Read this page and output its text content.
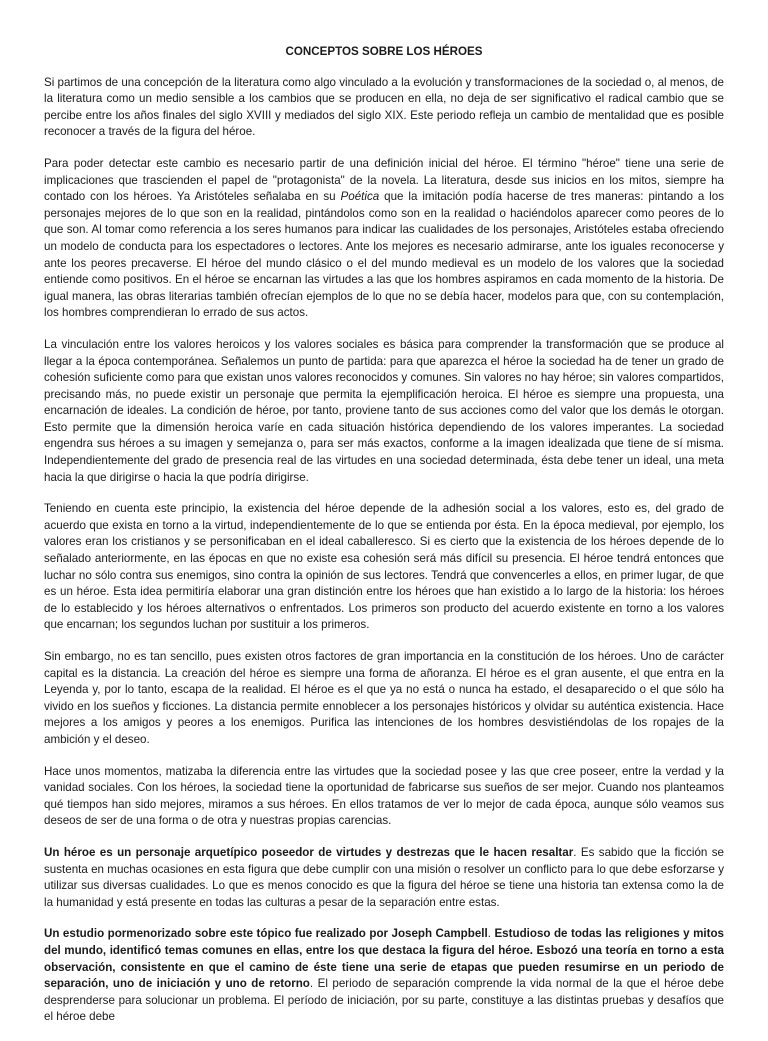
CONCEPTOS SOBRE LOS HÉROES

Si partimos de una concepción de la literatura como algo vinculado a la evolución y transformaciones de la sociedad o, al menos, de la literatura como un medio sensible a los cambios que se producen en ella, no deja de ser significativo el radical cambio que se percibe entre los años finales del siglo XVIII y mediados del siglo XIX. Este periodo refleja un cambio de mentalidad que es posible reconocer a través de la figura del héroe.

Para poder detectar este cambio es necesario partir de una definición inicial del héroe. El término "héroe" tiene una serie de implicaciones que trascienden el papel de "protagonista" de la novela. La literatura, desde sus inicios en los mitos, siempre ha contado con los héroes. Ya Aristóteles señalaba en su Poética que la imitación podía hacerse de tres maneras: pintando a los personajes mejores de lo que son en la realidad, pintándolos como son en la realidad o haciéndolos aparecer como peores de lo que son. Al tomar como referencia a los seres humanos para indicar las cualidades de los personajes, Aristóteles estaba ofreciendo un modelo de conducta para los espectadores o lectores. Ante los mejores es necesario admirarse, ante los iguales reconocerse y ante los peores precaverse. El héroe del mundo clásico o el del mundo medieval es un modelo de los valores que la sociedad entiende como positivos. En el héroe se encarnan las virtudes a las que los hombres aspiramos en cada momento de la historia. De igual manera, las obras literarias también ofrecían ejemplos de lo que no se debía hacer, modelos para que, con su contemplación, los hombres comprendieran lo errado de sus actos.

La vinculación entre los valores heroicos y los valores sociales es básica para comprender la transformación que se produce al llegar a la época contemporánea. Señalemos un punto de partida: para que aparezca el héroe la sociedad ha de tener un grado de cohesión suficiente como para que existan unos valores reconocidos y comunes. Sin valores no hay héroe; sin valores compartidos, precisando más, no puede existir un personaje que permita la ejemplificación heroica. El héroe es siempre una propuesta, una encarnación de ideales. La condición de héroe, por tanto, proviene tanto de sus acciones como del valor que los demás le otorgan. Esto permite que la dimensión heroica varíe en cada situación histórica dependiendo de los valores imperantes. La sociedad engendra sus héroes a su imagen y semejanza o, para ser más exactos, conforme a la imagen idealizada que tiene de sí misma. Independientemente del grado de presencia real de las virtudes en una sociedad determinada, ésta debe tener un ideal, una meta hacia la que dirigirse o hacia la que podría dirigirse.

Teniendo en cuenta este principio, la existencia del héroe depende de la adhesión social a los valores, esto es, del grado de acuerdo que exista en torno a la virtud, independientemente de lo que se entienda por ésta. En la época medieval, por ejemplo, los valores eran los cristianos y se personificaban en el ideal caballeresco. Si es cierto que la existencia de los héroes depende de lo señalado anteriormente, en las épocas en que no existe esa cohesión será más difícil su presencia. El héroe tendrá entonces que luchar no sólo contra sus enemigos, sino contra la opinión de sus lectores. Tendrá que convencerles a ellos, en primer lugar, de que es un héroe. Esta idea permitiría elaborar una gran distinción entre los héroes que han existido a lo largo de la historia: los héroes de lo establecido y los héroes alternativos o enfrentados. Los primeros son producto del acuerdo existente en torno a los valores que encarnan; los segundos luchan por sustituir a los primeros.

Sin embargo, no es tan sencillo, pues existen otros factores de gran importancia en la constitución de los héroes. Uno de carácter capital es la distancia. La creación del héroe es siempre una forma de añoranza. El héroe es el gran ausente, el que entra en la Leyenda y, por lo tanto, escapa de la realidad. El héroe es el que ya no está o nunca ha estado, el desaparecido o el que sólo ha vivido en los sueños y ficciones. La distancia permite ennoblecer a los personajes históricos y olvidar su auténtica existencia. Hace mejores a los amigos y peores a los enemigos. Purifica las intenciones de los hombres desvistiéndolas de los ropajes de la ambición y el deseo.

Hace unos momentos, matizaba la diferencia entre las virtudes que la sociedad posee y las que cree poseer, entre la verdad y la vanidad sociales. Con los héroes, la sociedad tiene la oportunidad de fabricarse sus sueños de ser mejor. Cuando nos planteamos qué tiempos han sido mejores, miramos a sus héroes. En ellos tratamos de ver lo mejor de cada época, aunque sólo veamos sus deseos de ser de una forma o de otra y nuestras propias carencias.

Un héroe es un personaje arquetípico poseedor de virtudes y destrezas que le hacen resaltar. Es sabido que la ficción se sustenta en muchas ocasiones en esta figura que debe cumplir con una misión o resolver un conflicto para lo que debe esforzarse y utilizar sus diversas cualidades. Lo que es menos conocido es que la figura del héroe se tiene una historia tan extensa como la de la humanidad y está presente en todas las culturas a pesar de la separación entre estas.

Un estudio pormenorizado sobre este tópico fue realizado por Joseph Campbell. Estudioso de todas las religiones y mitos del mundo, identificó temas comunes en ellas, entre los que destaca la figura del héroe. Esbozó una teoría en torno a esta observación, consistente en que el camino de éste tiene una serie de etapas que pueden resumirse en un periodo de separación, uno de iniciación y uno de retorno. El periodo de separación comprende la vida normal de la que el héroe debe desprenderse para solucionar un problema. El período de iniciación, por su parte, constituye a las distintas pruebas y desafíos que el héroe debe
